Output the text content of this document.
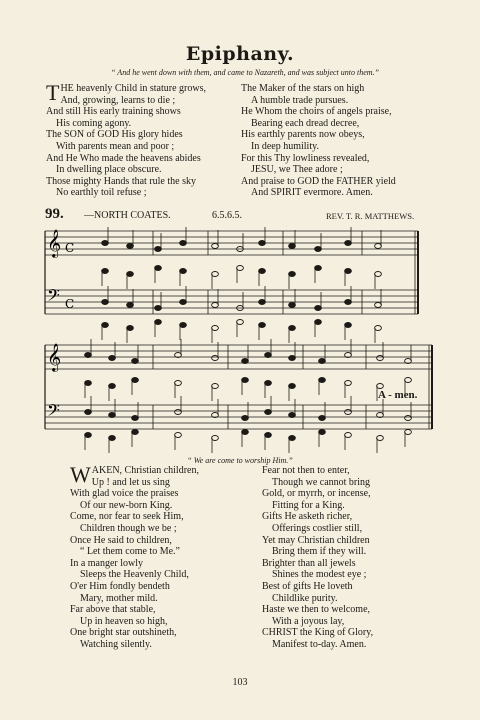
Epiphany.
“ And he went down with them, and came to Nazareth, and was subject unto them.”
THE heavenly Child in stature grows,
And, growing, learns to die ;
And still His early training shows
His coming agony.
The SON of GOD His glory hides
With parents mean and poor ;
And He Who made the heavens abides
In dwelling place obscure.
Those mighty Hands that rule the sky
No earthly toil refuse ;
The Maker of the stars on high
A humble trade pursues.
He Whom the choirs of angels praise,
Bearing each dread decree,
His earthly parents now obeys,
In deep humility.
For this Thy lowliness revealed,
JESU, we Thee adore ;
And praise to GOD the FATHER yield
And SPIRIT evermore. Amen.
99. —NORTH COATES.	6.5.6.5.	REV. T. R. MATTHEWS.
𝄞
𝄢
C
C
𝄞
𝄢
A - men.
“ We are come to worship Him.”
WAKEN, Christian children,
Up ! and let us sing
With glad voice the praises
Of our new-born King.
Come, nor fear to seek Him,
Children though we be ;
Once He said to children,
“ Let them come to Me.”
In a manger lowly
Sleeps the Heavenly Child,
O'er Him fondly bendeth
Mary, mother mild.
Far above that stable,
Up in heaven so high,
One bright star outshineth,
Watching silently.
Fear not then to enter,
Though we cannot bring
Gold, or myrrh, or incense,
Fitting for a King.
Gifts He asketh richer,
Offerings costlier still,
Yet may Christian children
Bring them if they will.
Brighter than all jewels
Shines the modest eye ;
Best of gifts He loveth
Childlike purity.
Haste we then to welcome,
With a joyous lay,
CHRIST the King of Glory,
Manifest to-day. Amen.
103
